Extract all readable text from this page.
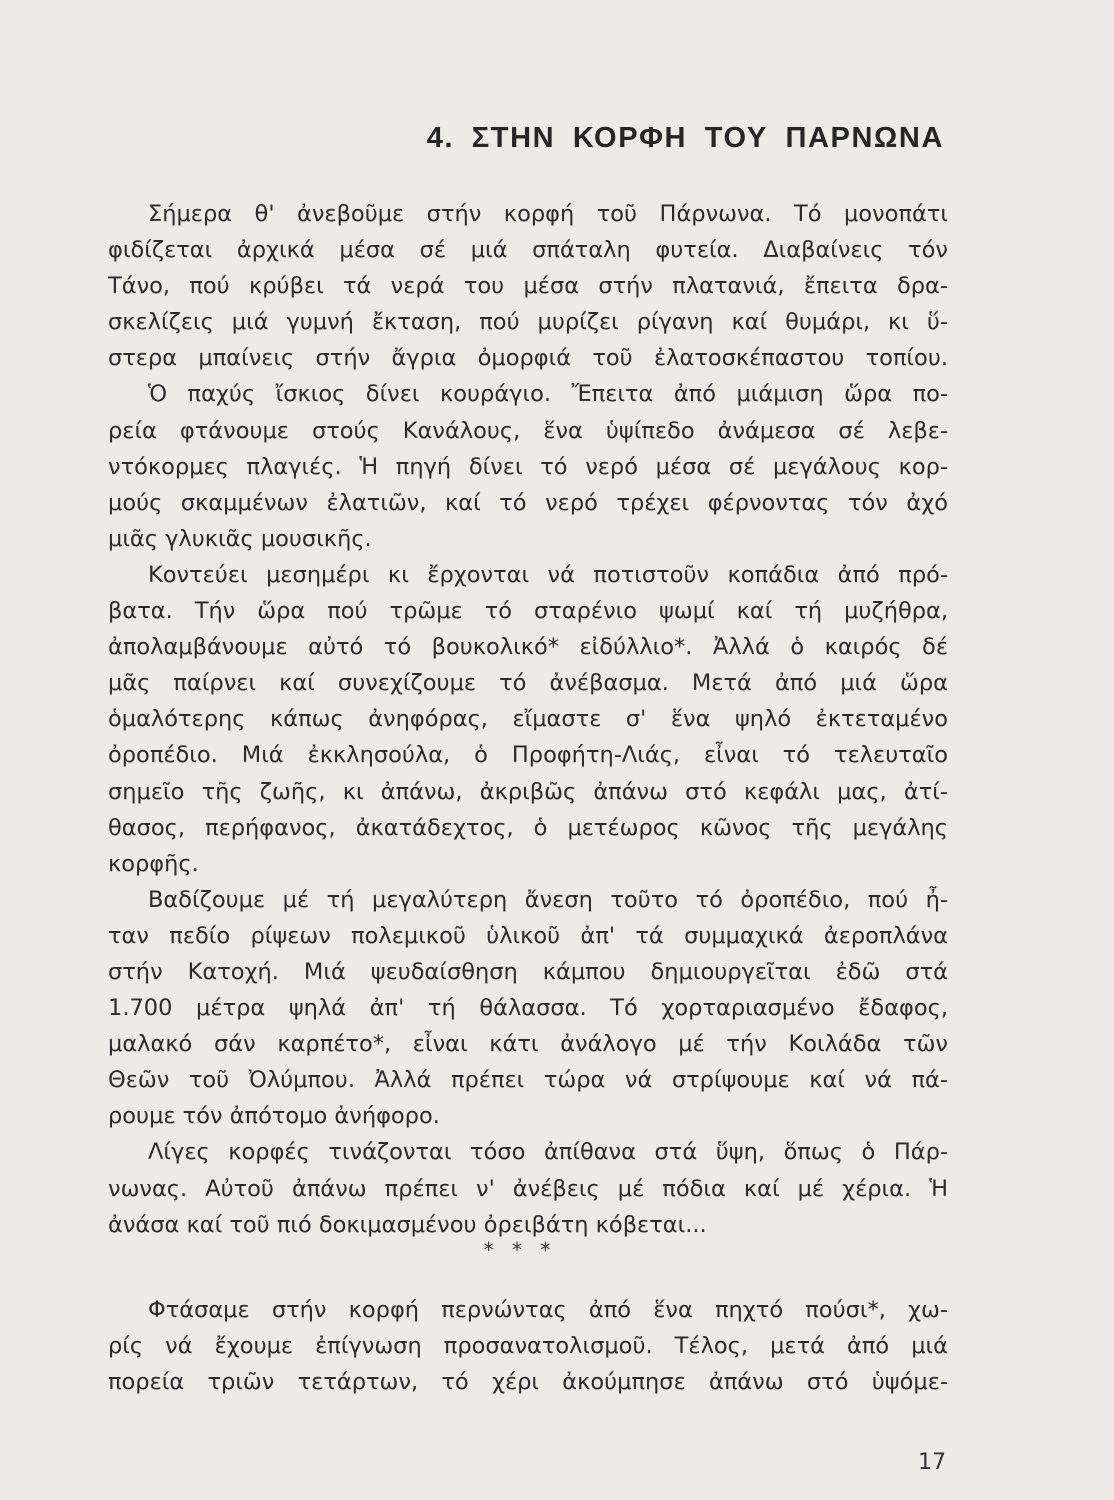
4. ΣΤΗΝ ΚΟΡΦΗ ΤΟΥ ΠΑΡΝΩΝΑ
Σήμερα θ' ἀνεβοῦμε στήν κορφή τοῦ Πάρνωνα. Τό μονοπάτι
φιδίζεται ἀρχικά μέσα σέ μιά σπάταλη φυτεία. Διαβαίνεις τόν
Τάνο, πού κρύβει τά νερά του μέσα στήν πλατανιά, ἔπειτα δρα-
σκελίζεις μιά γυμνή ἔκταση, πού μυρίζει ρίγανη καί θυμάρι, κι ὕ-
στερα μπαίνεις στήν ἄγρια ὀμορφιά τοῦ ἐλατοσκέπαστου τοπίου.
Ὁ παχύς ἴσκιος δίνει κουράγιο. Ἔπειτα ἀπό μιάμιση ὥρα πο-
ρεία φτάνουμε στούς Κανάλους, ἕνα ὑψίπεδο ἀνάμεσα σέ λεβε-
ντόκορμες πλαγιές. Ἡ πηγή δίνει τό νερό μέσα σέ μεγάλους κορ-
μούς σκαμμένων ἐλατιῶν, καί τό νερό τρέχει φέρνοντας τόν ἀχό
μιᾶς γλυκιᾶς μουσικῆς.
Κοντεύει μεσημέρι κι ἔρχονται νά ποτιστοῦν κοπάδια ἀπό πρό-
βατα. Τήν ὥρα πού τρῶμε τό σταρένιο ψωμί καί τή μυζήθρα,
ἀπολαμβάνουμε αὐτό τό βουκολικό* εἰδύλλιο*. Ἀλλά ὁ καιρός δέ
μᾶς παίρνει καί συνεχίζουμε τό ἀνέβασμα. Μετά ἀπό μιά ὥρα
ὁμαλότερης κάπως ἀνηφόρας, εἴμαστε σ' ἕνα ψηλό ἐκτεταμένο
ὀροπέδιο. Μιά ἐκκλησούλα, ὁ Προφήτη-Λιάς, εἶναι τό τελευταῖο
σημεῖο τῆς ζωῆς, κι ἀπάνω, ἀκριβῶς ἀπάνω στό κεφάλι μας, ἀτί-
θασος, περήφανος, ἀκατάδεχτος, ὁ μετέωρος κῶνος τῆς μεγάλης
κορφῆς.
Βαδίζουμε μέ τή μεγαλύτερη ἄνεση τοῦτο τό ὀροπέδιο, πού ἦ-
ταν πεδίο ρίψεων πολεμικοῦ ὑλικοῦ ἀπ' τά συμμαχικά ἀεροπλάνα
στήν Κατοχή. Μιά ψευδαίσθηση κάμπου δημιουργεῖται ἐδῶ στά
1.700 μέτρα ψηλά ἀπ' τή θάλασσα. Τό χορταριασμένο ἔδαφος,
μαλακό σάν καρπέτο*, εἶναι κάτι ἀνάλογο μέ τήν Κοιλάδα τῶν
Θεῶν τοῦ Ὀλύμπου. Ἀλλά πρέπει τώρα νά στρίψουμε καί νά πά-
ρουμε τόν ἀπότομο ἀνήφορο.
Λίγες κορφές τινάζονται τόσο ἀπίθανα στά ὕψη, ὅπως ὁ Πάρ-
νωνας. Αὐτοῦ ἀπάνω πρέπει ν' ἀνέβεις μέ πόδια καί μέ χέρια. Ἡ
ἀνάσα καί τοῦ πιό δοκιμασμένου ὀρειβάτη κόβεται...
* * *
Φτάσαμε στήν κορφή περνώντας ἀπό ἕνα πηχτό πούσι*, χω-
ρίς νά ἔχουμε ἐπίγνωση προσανατολισμοῦ. Τέλος, μετά ἀπό μιά
πορεία τριῶν τετάρτων, τό χέρι ἀκούμπησε ἀπάνω στό ὑψόμε-
17
